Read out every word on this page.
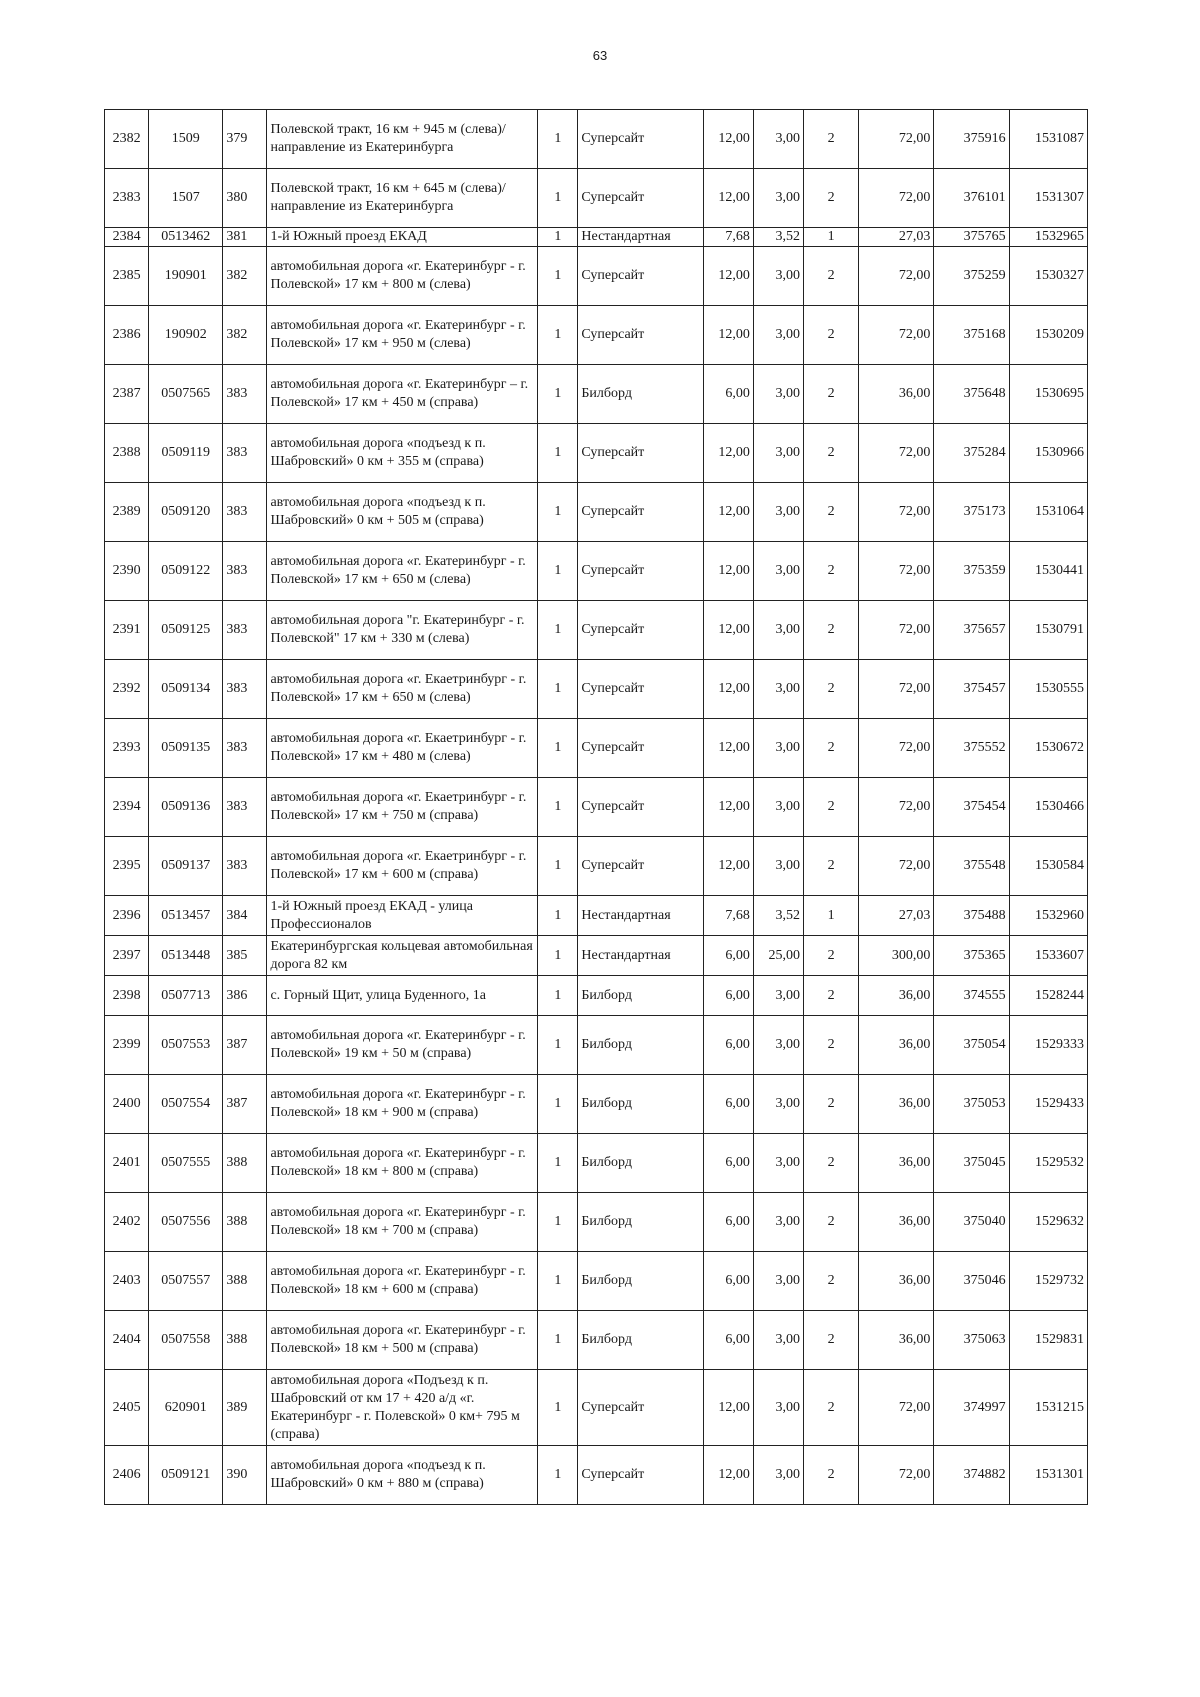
63
2382	1509	379	Полевской тракт, 16 км + 945 м (слева)/направление из Екатеринбурга	1	Суперсайт	12,00	3,00	2	72,00	375916	1531087
2383	1507	380	Полевской тракт, 16 км + 645 м (слева)/направление из Екатеринбурга	1	Суперсайт	12,00	3,00	2	72,00	376101	1531307
2384	0513462	381	1-й Южный проезд ЕКАД	1	Нестандартная	7,68	3,52	1	27,03	375765	1532965
2385	190901	382	автомобильная дорога «г. Екатеринбург - г. Полевской» 17 км + 800 м (слева)	1	Суперсайт	12,00	3,00	2	72,00	375259	1530327
2386	190902	382	автомобильная дорога «г. Екатеринбург - г. Полевской» 17 км + 950 м (слева)	1	Суперсайт	12,00	3,00	2	72,00	375168	1530209
2387	0507565	383	автомобильная дорога «г. Екатеринбург – г. Полевской» 17 км + 450 м (справа)	1	Билборд	6,00	3,00	2	36,00	375648	1530695
2388	0509119	383	автомобильная дорога «подъезд к п. Шабровский» 0 км + 355 м (справа)	1	Суперсайт	12,00	3,00	2	72,00	375284	1530966
2389	0509120	383	автомобильная дорога «подъезд к п. Шабровский» 0 км + 505 м (справа)	1	Суперсайт	12,00	3,00	2	72,00	375173	1531064
2390	0509122	383	автомобильная дорога «г. Екатеринбург - г. Полевской» 17 км + 650 м (слева)	1	Суперсайт	12,00	3,00	2	72,00	375359	1530441
2391	0509125	383	автомобильная дорога "г. Екатеринбург - г. Полевской" 17 км + 330 м (слева)	1	Суперсайт	12,00	3,00	2	72,00	375657	1530791
2392	0509134	383	автомобильная дорога «г. Екаетринбург - г. Полевской» 17 км + 650 м (слева)	1	Суперсайт	12,00	3,00	2	72,00	375457	1530555
2393	0509135	383	автомобильная дорога «г. Екаетринбург - г. Полевской» 17 км + 480 м (слева)	1	Суперсайт	12,00	3,00	2	72,00	375552	1530672
2394	0509136	383	автомобильная дорога «г. Екаетринбург - г. Полевской» 17 км + 750 м (справа)	1	Суперсайт	12,00	3,00	2	72,00	375454	1530466
2395	0509137	383	автомобильная дорога «г. Екаетринбург - г. Полевской» 17 км + 600 м (справа)	1	Суперсайт	12,00	3,00	2	72,00	375548	1530584
2396	0513457	384	1-й Южный проезд ЕКАД - улица Профессионалов	1	Нестандартная	7,68	3,52	1	27,03	375488	1532960
2397	0513448	385	Екатеринбургская кольцевая автомобильная дорога 82 км	1	Нестандартная	6,00	25,00	2	300,00	375365	1533607
2398	0507713	386	с. Горный Щит, улица Буденного, 1а	1	Билборд	6,00	3,00	2	36,00	374555	1528244
2399	0507553	387	автомобильная дорога «г. Екатеринбург - г. Полевской» 19 км + 50 м (справа)	1	Билборд	6,00	3,00	2	36,00	375054	1529333
2400	0507554	387	автомобильная дорога «г. Екатеринбург - г. Полевской» 18 км + 900 м (справа)	1	Билборд	6,00	3,00	2	36,00	375053	1529433
2401	0507555	388	автомобильная дорога «г. Екатеринбург - г. Полевской» 18 км + 800 м (справа)	1	Билборд	6,00	3,00	2	36,00	375045	1529532
2402	0507556	388	автомобильная дорога «г. Екатеринбург - г. Полевской» 18 км + 700 м (справа)	1	Билборд	6,00	3,00	2	36,00	375040	1529632
2403	0507557	388	автомобильная дорога «г. Екатеринбург - г. Полевской» 18 км + 600 м (справа)	1	Билборд	6,00	3,00	2	36,00	375046	1529732
2404	0507558	388	автомобильная дорога «г. Екатеринбург - г. Полевской» 18 км + 500 м (справа)	1	Билборд	6,00	3,00	2	36,00	375063	1529831
2405	620901	389	автомобильная дорога «Подъезд к п. Шабровский от км 17 + 420 а/д «г. Екатеринбург - г. Полевской» 0 км+ 795 м (справа)	1	Суперсайт	12,00	3,00	2	72,00	374997	1531215
2406	0509121	390	автомобильная дорога «подъезд к п. Шабровский» 0 км + 880 м (справа)	1	Суперсайт	12,00	3,00	2	72,00	374882	1531301
